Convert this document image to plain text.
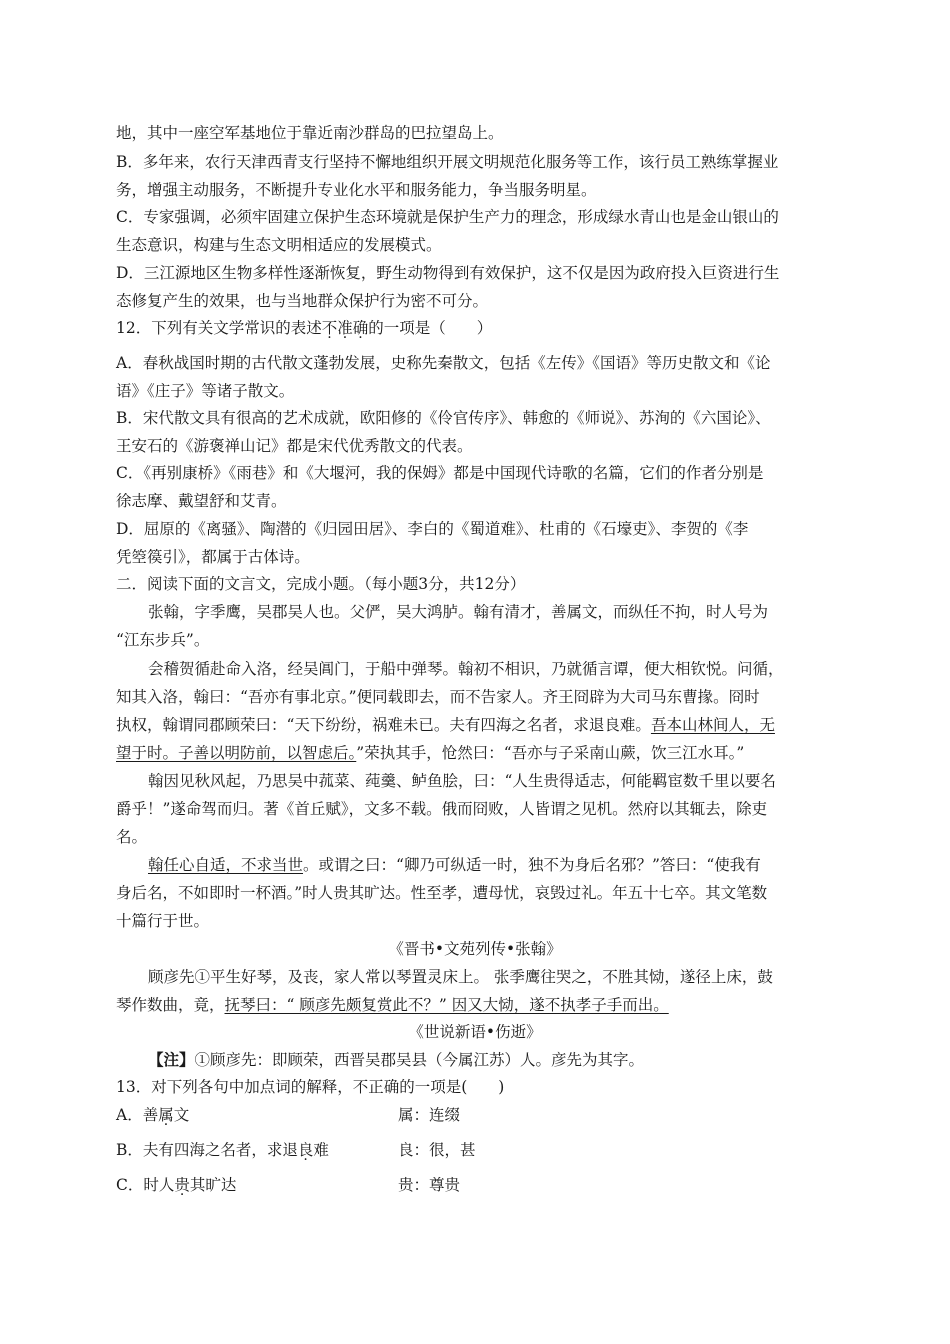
地，其中一座空军基地位于靠近南沙群岛的巴拉望岛上。
B．多年来，农行天津西青支行坚持不懈地组织开展文明规范化服务等工作，该行员工熟练掌握业
务，增强主动服务，不断提升专业化水平和服务能力，争当服务明星。
C．专家强调，必须牢固建立保护生态环境就是保护生产力的理念，形成绿水青山也是金山银山的
生态意识，构建与生态文明相适应的发展模式。
D．三江源地区生物多样性逐渐恢复，野生动物得到有效保护，这不仅是因为政府投入巨资进行生
态修复产生的效果，也与当地群众保护行为密不可分。
12．下列有关文学常识的表述不准确的一项是（　　）
A．春秋战国时期的古代散文蓬勃发展，史称先秦散文，包括《左传》《国语》等历史散文和《论
语》《庄子》等诸子散文。
B．宋代散文具有很高的艺术成就，欧阳修的《伶官传序》、韩愈的《师说》、苏洵的《六国论》、
王安石的《游褒禅山记》都是宋代优秀散文的代表。
C．《再别康桥》《雨巷》和《大堰河，我的保姆》都是中国现代诗歌的名篇，它们的作者分别是
徐志摩、戴望舒和艾青。
D．屈原的《离骚》、陶潜的《归园田居》、李白的《蜀道难》、杜甫的《石壕吏》、李贺的《李
凭箜篌引》，都属于古体诗。
二．阅读下面的文言文，完成小题。（每小题3分，共12分）
张翰，字季鹰，吴郡吴人也。父俨，吴大鸿胪。翰有清才，善属文，而纵任不拘，时人号为
“江东步兵”。
会稽贺循赴命入洛，经吴阊门，于船中弹琴。翰初不相识，乃就循言谭，便大相钦悦。问循，
知其入洛，翰曰：“吾亦有事北京。”便同载即去，而不告家人。齐王冏辟为大司马东曹掾。冏时
执权，翰谓同郡顾荣曰：“天下纷纷，祸难未已。夫有四海之名者，求退良难。吾本山林间人，无
望于时。子善以明防前，以智虑后。”荣执其手，怆然曰：“吾亦与子采南山蕨，饮三江水耳。”
翰因见秋风起，乃思吴中菰菜、莼羹、鲈鱼脍，曰：“人生贵得适志，何能羁宦数千里以要名
爵乎！”遂命驾而归。著《首丘赋》，文多不载。俄而冏败，人皆谓之见机。然府以其辄去，除吏
名。
翰任心自适，不求当世。或谓之曰：“卿乃可纵适一时，独不为身后名邪？”答曰：“使我有
身后名，不如即时一杯酒。”时人贵其旷达。性至孝，遭母忧，哀毁过礼。年五十七卒。其文笔数
十篇行于世。
《晋书•文苑列传•张翰》
顾彦先①平生好琴，及丧，家人常以琴置灵床上。 张季鹰往哭之，不胜其恸，遂径上床，鼓
琴作数曲，竟，抚琴曰：“ 顾彦先颇复赏此不？” 因又大恸，遂不执孝子手而出。
《世说新语•伤逝》
【注】①顾彦先：即顾荣，西晋吴郡吴县（今属江苏）人。彦先为其字。
13．对下列各句中加点词的解释，不正确的一项是(　　)
A．善属文	属：连缀
B．夫有四海之名者，求退良难	良：很，甚
C．时人贵其旷达	贵：尊贵
